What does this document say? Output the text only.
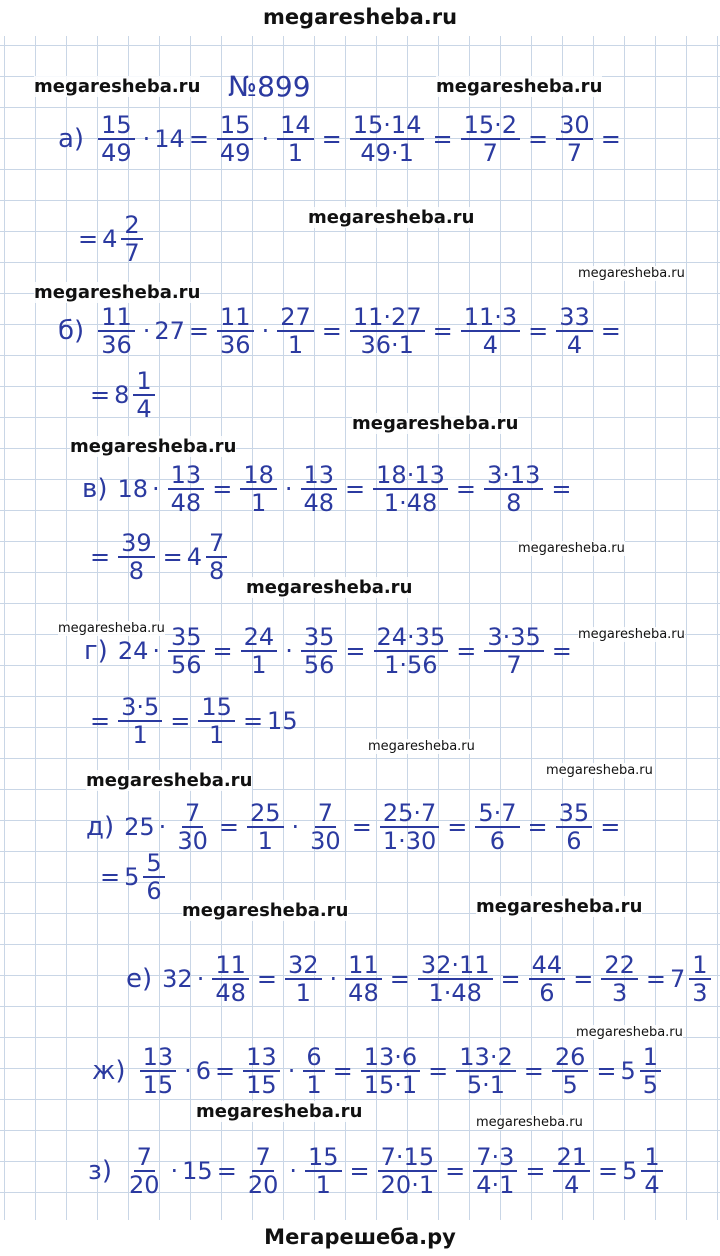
megaresheba.ru
megaresheba.ru	megaresheba.ru
megaresheba.ru
megaresheba.ru
megaresheba.ru
megaresheba.ru
megaresheba.ru
megaresheba.ru
megaresheba.ru
megaresheba.ru	megaresheba.ru
megaresheba.ru
megaresheba.ru
megaresheba.ru
megaresheba.ru	megaresheba.ru
megaresheba.ru
megaresheba.ru
megaresheba.ru
№899
$а) \frac{15}{49} \cdot 14 = \frac{15}{49} \cdot \frac{14}{1} = \frac{15\cdot 14}{49\cdot 1} = \frac{15\cdot 2}{7} = \frac{30}{7}$ =
= $4 \frac{2}{7}$
$б) \frac{11}{36} \cdot 27 = \frac{11}{36} \cdot \frac{27}{1} = \frac{11\cdot 27}{36\cdot 1} = \frac{11\cdot 3}{4} = \frac{33}{4}$ =
= $8 \frac{1}{4}$
в) $18 \cdot \frac{13}{48} = \frac{18}{1} \cdot \frac{13}{48} = \frac{18\cdot 13}{1\cdot 48} = \frac{3\cdot 13}{8}$ =
= $\frac{39}{8} = 4 \frac{7}{8}$
г) $24 \cdot \frac{35}{56} = \frac{24}{1} \cdot \frac{35}{56} = \frac{24\cdot 35}{1\cdot 56} = \frac{3\cdot 35}{7}$ =
= $\frac{3\cdot 5}{1} = \frac{15}{1} = 15$
д) $25 \cdot \frac{7}{30} = \frac{25}{1} \cdot \frac{7}{30} = \frac{25\cdot 7}{1\cdot 30} = \frac{5\cdot 7}{6} = \frac{35}{6}$ =
= $5 \frac{5}{6}$
е) $32 \cdot \frac{11}{48} = \frac{32}{1} \cdot \frac{11}{48} = \frac{32\cdot 11}{1\cdot 48} = \frac{44}{6} = \frac{22}{3} = 7 \frac{1}{3}$
$ж) \frac{13}{15} \cdot 6 = \frac{13}{15} \cdot \frac{6}{1} = \frac{13\cdot 6}{15\cdot 1} = \frac{13\cdot 2}{5\cdot 1} = \frac{26}{5} = 5 \frac{1}{5}$
$з) \frac{7}{20} \cdot 15 = \frac{7}{20} \cdot \frac{15}{1} = \frac{7\cdot 15}{20\cdot 1} = \frac{7\cdot 3}{4\cdot 1} = \frac{21}{4} = 5 \frac{1}{4}$
Мегарешеба.ру
